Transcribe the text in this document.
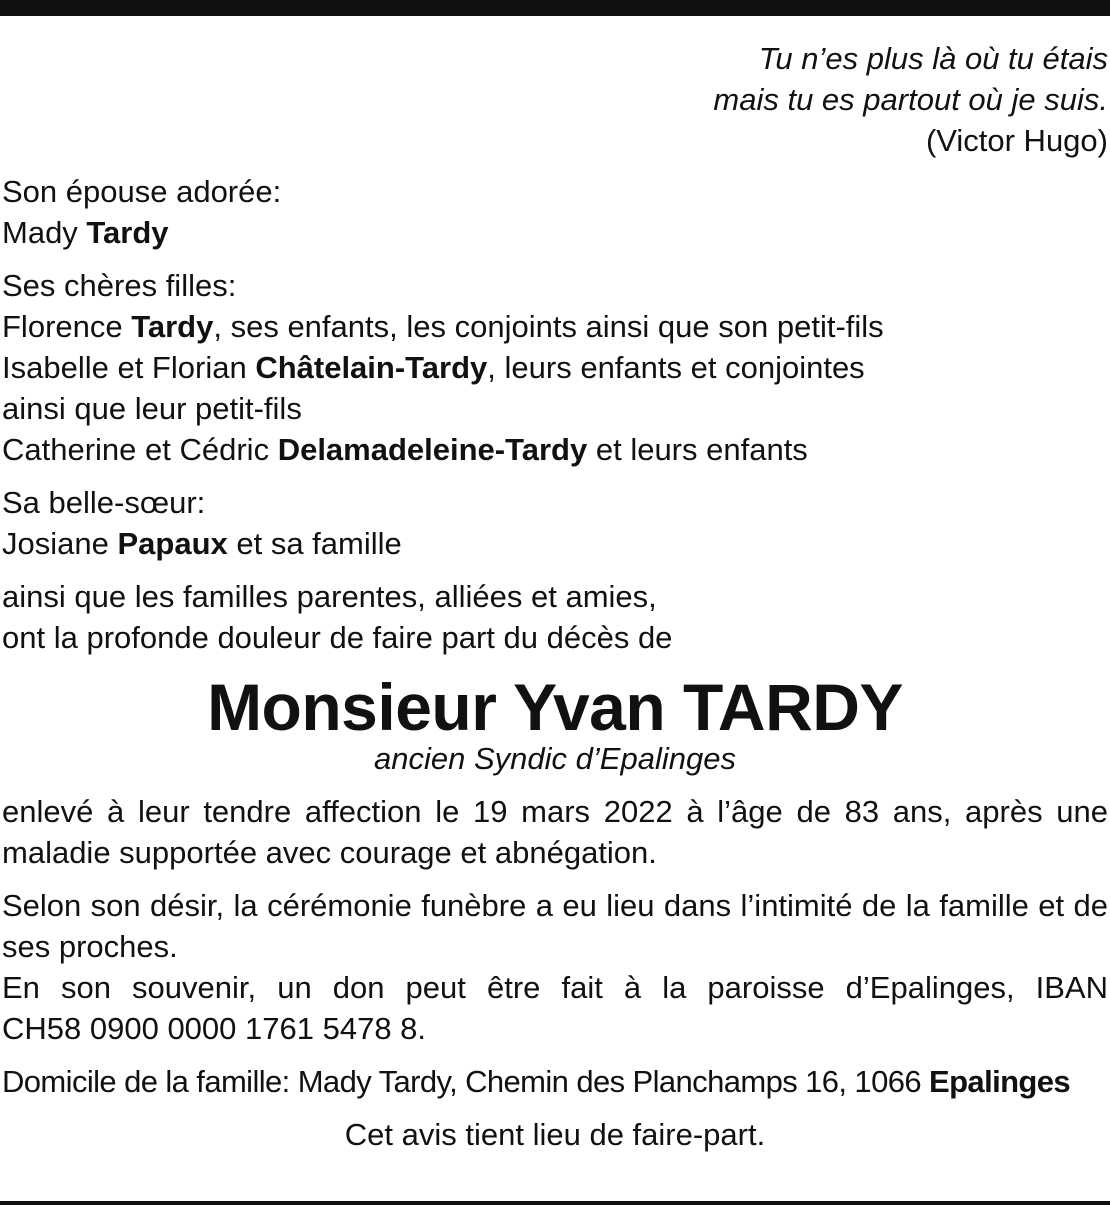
Tu n’es plus là où tu étais
mais tu es partout où je suis.
(Victor Hugo)
Son épouse adorée:
Mady Tardy
Ses chères filles:
Florence Tardy, ses enfants, les conjoints ainsi que son petit-fils
Isabelle et Florian Châtelain-Tardy, leurs enfants et conjointes
ainsi que leur petit-fils
Catherine et Cédric Delamadeleine-Tardy et leurs enfants
Sa belle-sœur:
Josiane Papaux et sa famille
ainsi que les familles parentes, alliées et amies,
ont la profonde douleur de faire part du décès de
Monsieur Yvan TARDY
ancien Syndic d’Epalinges
enlevé à leur tendre affection le 19 mars 2022 à l’âge de 83 ans, après une maladie supportée avec courage et abnégation.
Selon son désir, la cérémonie funèbre a eu lieu dans l’intimité de la famille et de ses proches.
En son souvenir, un don peut être fait à la paroisse d’Epalinges, IBAN
CH58 0900 0000 1761 5478 8.
Domicile de la famille: Mady Tardy, Chemin des Planchamps 16, 1066 Epalinges
Cet avis tient lieu de faire-part.
